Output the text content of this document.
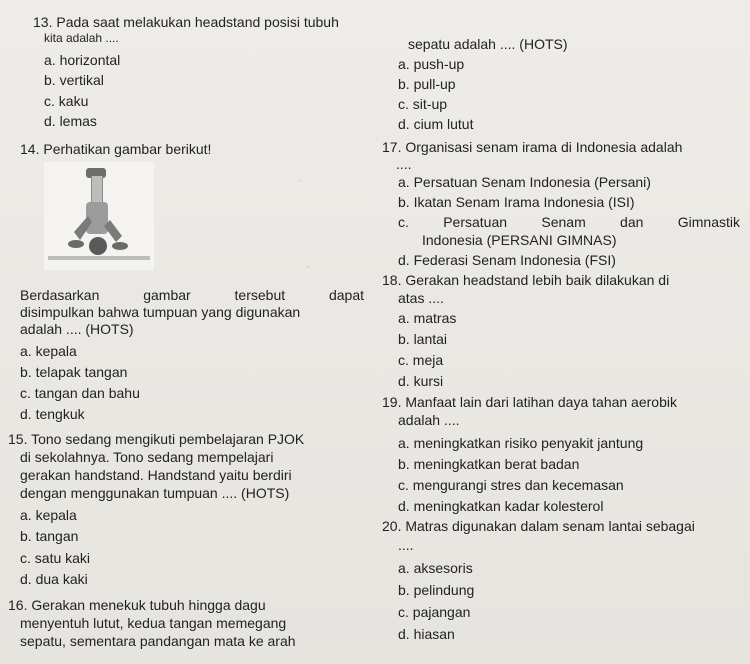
13. Pada saat melakukan headstand posisi tubuh
kita adalah ....
a. horizontal
b. vertikal
c. kaku
d. lemas
sepatu adalah .... (HOTS)
a. push-up
b. pull-up
c. sit-up
d. cium lutut
14. Perhatikan gambar berikut!
Berdasarkan gambar tersebut dapat
disimpulkan bahwa tumpuan yang digunakan
adalah .... (HOTS)
a. kepala
b. telapak tangan
c. tangan dan bahu
d. tengkuk
15. Tono sedang mengikuti pembelajaran PJOK
di sekolahnya. Tono sedang mempelajari
gerakan handstand. Handstand yaitu berdiri
dengan menggunakan tumpuan .... (HOTS)
a. kepala
b. tangan
c. satu kaki
d. dua kaki
16. Gerakan menekuk tubuh hingga dagu
menyentuh lutut, kedua tangan memegang
sepatu, sementara pandangan mata ke arah
◦
◦
17. Organisasi senam irama di Indonesia adalah
....
a. Persatuan Senam Indonesia (Persani)
b. Ikatan Senam Irama Indonesia (ISI)
c. Persatuan Senam dan Gimnastik
Indonesia (PERSANI GIMNAS)
d. Federasi Senam Indonesia (FSI)
18. Gerakan headstand lebih baik dilakukan di
atas ....
a. matras
b. lantai
c. meja
d. kursi
19. Manfaat lain dari latihan daya tahan aerobik
adalah ....
a. meningkatkan risiko penyakit jantung
b. meningkatkan berat badan
c. mengurangi stres dan kecemasan
d. meningkatkan kadar kolesterol
20. Matras digunakan dalam senam lantai sebagai
....
a. aksesoris
b. pelindung
c. pajangan
d. hiasan
